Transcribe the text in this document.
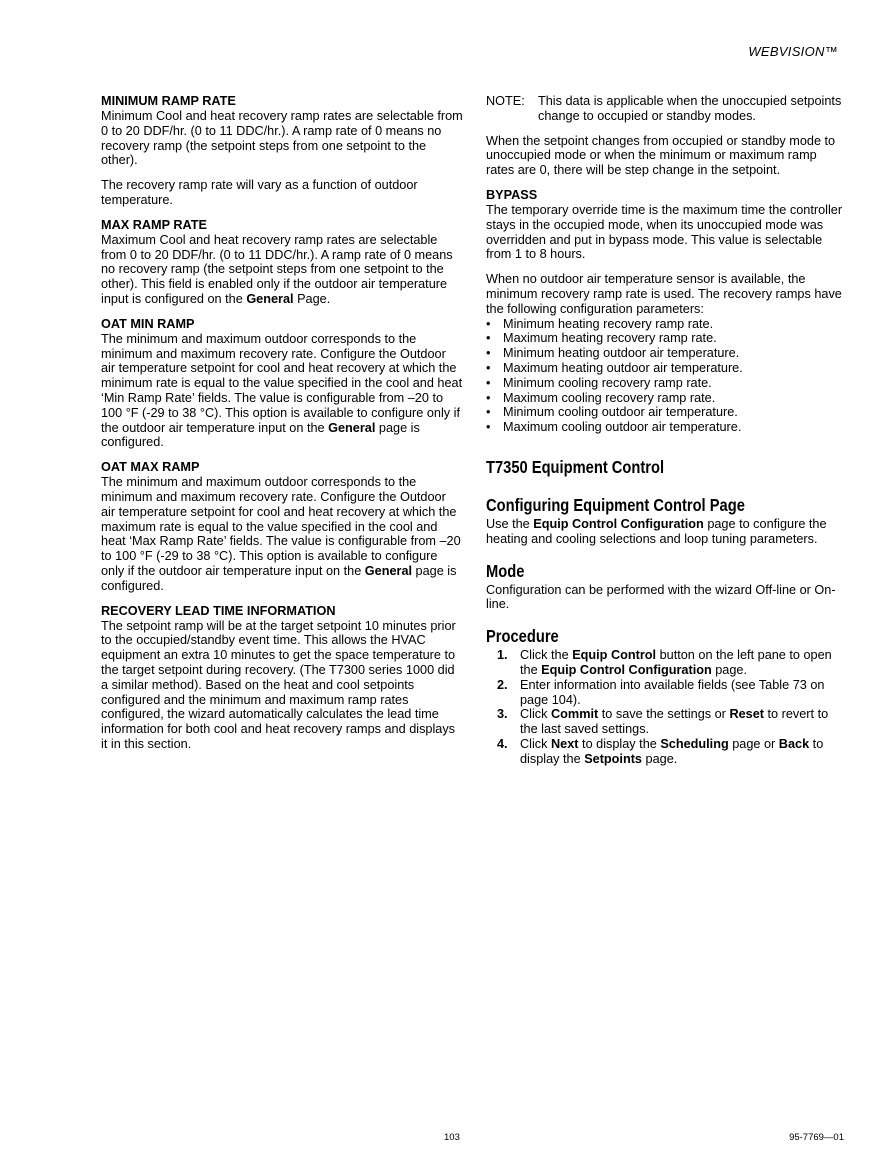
WEBVISION™
MINIMUM RAMP RATE

Minimum Cool and heat recovery ramp rates are selectable from 0 to 20 DDF/hr. (0 to 11 DDC/hr.). A ramp rate of 0 means no recovery ramp (the setpoint steps from one setpoint to the other).

The recovery ramp rate will vary as a function of outdoor temperature.

MAX RAMP RATE

Maximum Cool and heat recovery ramp rates are selectable from 0 to 20 DDF/hr. (0 to 11 DDC/hr.). A ramp rate of 0 means no recovery ramp (the setpoint steps from one setpoint to the other). This field is enabled only if the outdoor air temperature input is configured on the General Page.

OAT MIN RAMP

The minimum and maximum outdoor corresponds to the minimum and maximum recovery rate. Configure the Outdoor air temperature setpoint for cool and heat recovery at which the minimum rate is equal to the value specified in the cool and heat ‘Min Ramp Rate’ fields. The value is configurable from –20 to 100 °F (-29 to 38 °C). This option is available to configure only if the outdoor air temperature input on the General page is configured.

OAT MAX RAMP

The minimum and maximum outdoor corresponds to the minimum and maximum recovery rate. Configure the Outdoor air temperature setpoint for cool and heat recovery at which the maximum rate is equal to the value specified in the cool and heat ‘Max Ramp Rate’ fields. The value is configurable from –20 to 100 °F (-29 to 38 °C). This option is available to configure only if the outdoor air temperature input on the General page is configured.

RECOVERY LEAD TIME INFORMATION

The setpoint ramp will be at the target setpoint 10 minutes prior to the occupied/standby event time. This allows the HVAC equipment an extra 10 minutes to get the space temperature to the target setpoint during recovery. (The T7300 series 1000 did a similar method). Based on the heat and cool setpoints configured and the minimum and maximum ramp rates configured, the wizard automatically calculates the lead time information for both cool and heat recovery ramps and displays it in this section.

NOTE:	This data is applicable when the unoccupied setpoints change to occupied or standby modes.

When the setpoint changes from occupied or standby mode to unoccupied mode or when the minimum or maximum ramp rates are 0, there will be step change in the setpoint.

BYPASS

The temporary override time is the maximum time the controller stays in the occupied mode, when its unoccupied mode was overridden and put in bypass mode. This value is selectable from 1 to 8 hours.

When no outdoor air temperature sensor is available, the minimum recovery ramp rate is used. The recovery ramps have the following configuration parameters:

• Minimum heating recovery ramp rate.
• Maximum heating recovery ramp rate.
• Minimum heating outdoor air temperature.
• Maximum heating outdoor air temperature.
• Minimum cooling recovery ramp rate.
• Maximum cooling recovery ramp rate.
• Minimum cooling outdoor air temperature.
• Maximum cooling outdoor air temperature.
T7350 Equipment Control
Configuring Equipment Control Page

Use the Equip Control Configuration page to configure the heating and cooling selections and loop tuning parameters.

Mode

Configuration can be performed with the wizard Off-line or On-line.

Procedure
1. Click the Equip Control button on the left pane to open the Equip Control Configuration page.
2. Enter information into available fields (see Table 73 on page 104).
3. Click Commit to save the settings or Reset to revert to the last saved settings.
4. Click Next to display the Scheduling page or Back to display the Setpoints page.
103	95-7769—01
